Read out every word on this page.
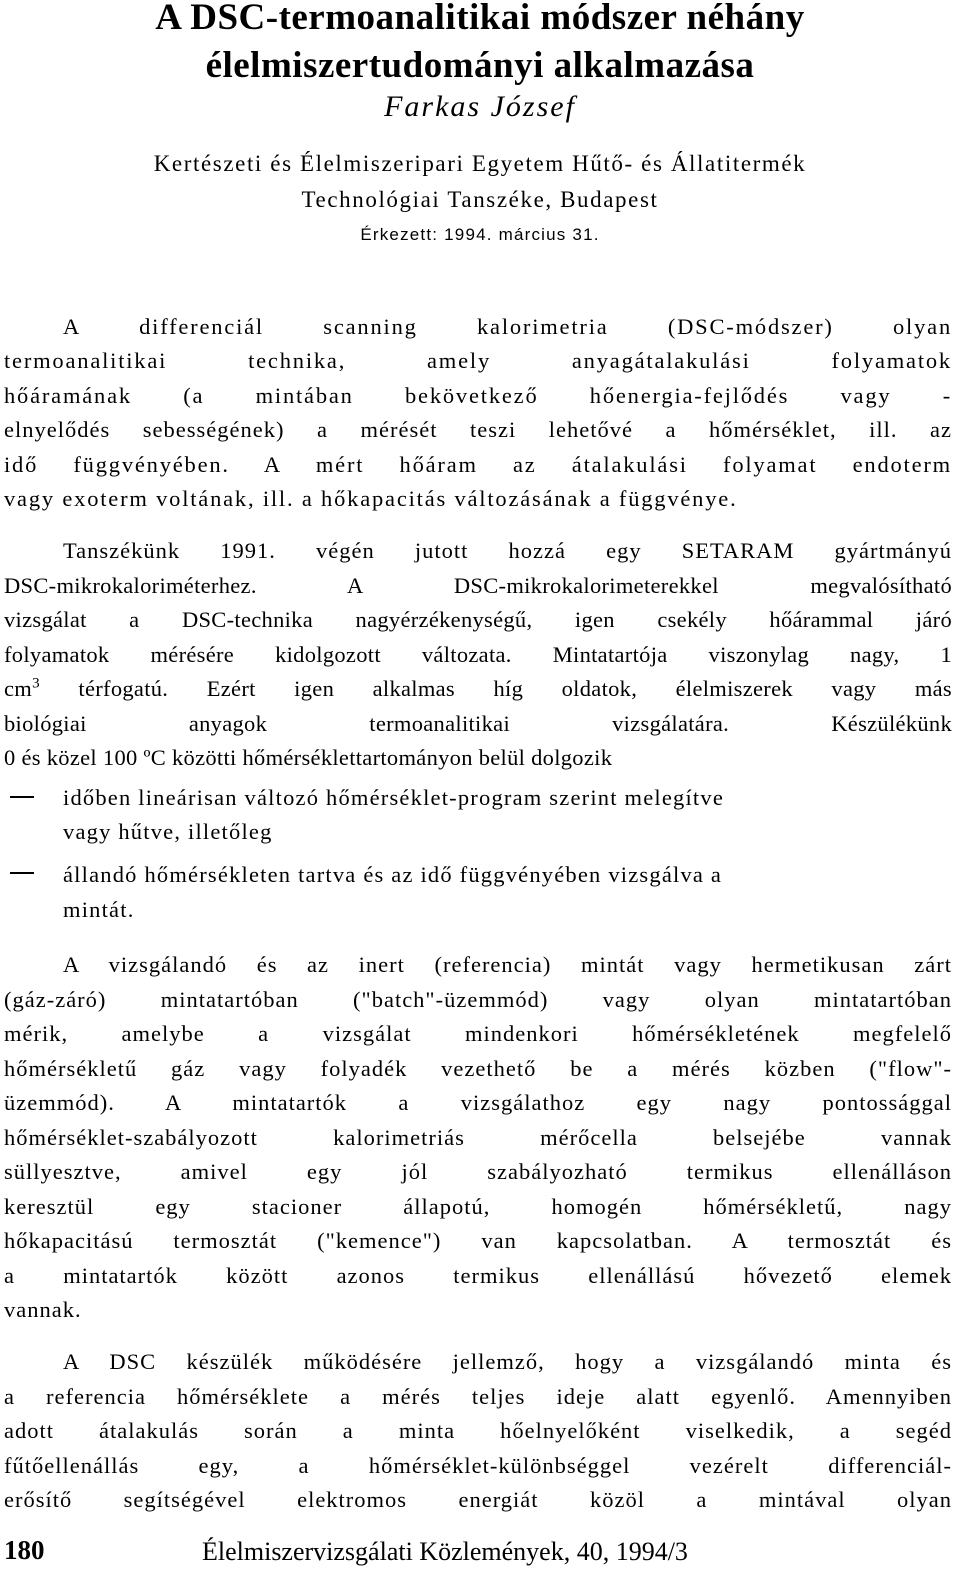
A DSC-termoanalitikai módszer néhány
élelmiszertudományi alkalmazása
Farkas József
Kertészeti és Élelmiszeripari Egyetem Hűtő- és Állatitermék
Technológiai Tanszéke, Budapest
Érkezett: 1994. március 31.
A differenciál scanning kalorimetria (DSC-módszer) olyan
termoanalitikai technika, amely anyagátalakulási folyamatok
hőáramának (a mintában bekövetkező hőenergia-fejlődés vagy -
elnyelődés sebességének) a mérését teszi lehetővé a hőmérséklet, ill. az
idő függvényében. A mért hőáram az átalakulási folyamat endoterm
vagy exoterm voltának, ill. a hőkapacitás változásának a függvénye.
Tanszékünk 1991. végén jutott hozzá egy SETARAM gyártmányú
DSC-mikrokaloriméterhez. A DSC-mikrokalorimeterekkel megvalósítható
vizsgálat a DSC-technika nagyérzékenységű, igen csekély hőárammal járó
folyamatok mérésére kidolgozott változata. Mintatartója viszonylag nagy, 1
$cm^3$ térfogatú. Ezért igen alkalmas híg oldatok, élelmiszerek vagy más
biológiai anyagok termoanalitikai vizsgálatára. Készülékünk
0 és közel 100 ºC közötti hőmérséklettartományon belül dolgozik
időben lineárisan változó hőmérséklet-program szerint melegítve
vagy hűtve, illetőleg
állandó hőmérsékleten tartva és az idő függvényében vizsgálva a
mintát.
A vizsgálandó és az inert (referencia) mintát vagy hermetikusan zárt
(gáz-záró) mintatartóban ("batch"-üzemmód) vagy olyan mintatartóban
mérik, amelybe a vizsgálat mindenkori hőmérsékletének megfelelő
hőmérsékletű gáz vagy folyadék vezethető be a mérés közben ("flow"-
üzemmód). A mintatartók a vizsgálathoz egy nagy pontossággal
hőmérséklet-szabályozott kalorimetriás mérőcella belsejébe vannak
süllyesztve, amivel egy jól szabályozható termikus ellenálláson
keresztül egy stacioner állapotú, homogén hőmérsékletű, nagy
hőkapacitású termosztát ("kemence") van kapcsolatban. A termosztát és
a mintatartók között azonos termikus ellenállású hővezető elemek
vannak.
A DSC készülék működésére jellemző, hogy a vizsgálandó minta és
a referencia hőmérséklete a mérés teljes ideje alatt egyenlő. Amennyiben
adott átalakulás során a minta hőelnyelőként viselkedik, a segéd
fűtőellenállás egy, a hőmérséklet-különbséggel vezérelt differenciál-
erősítő segítségével elektromos energiát közöl a mintával olyan
180	Élelmiszervizsgálati Közlemények, 40, 1994/3
